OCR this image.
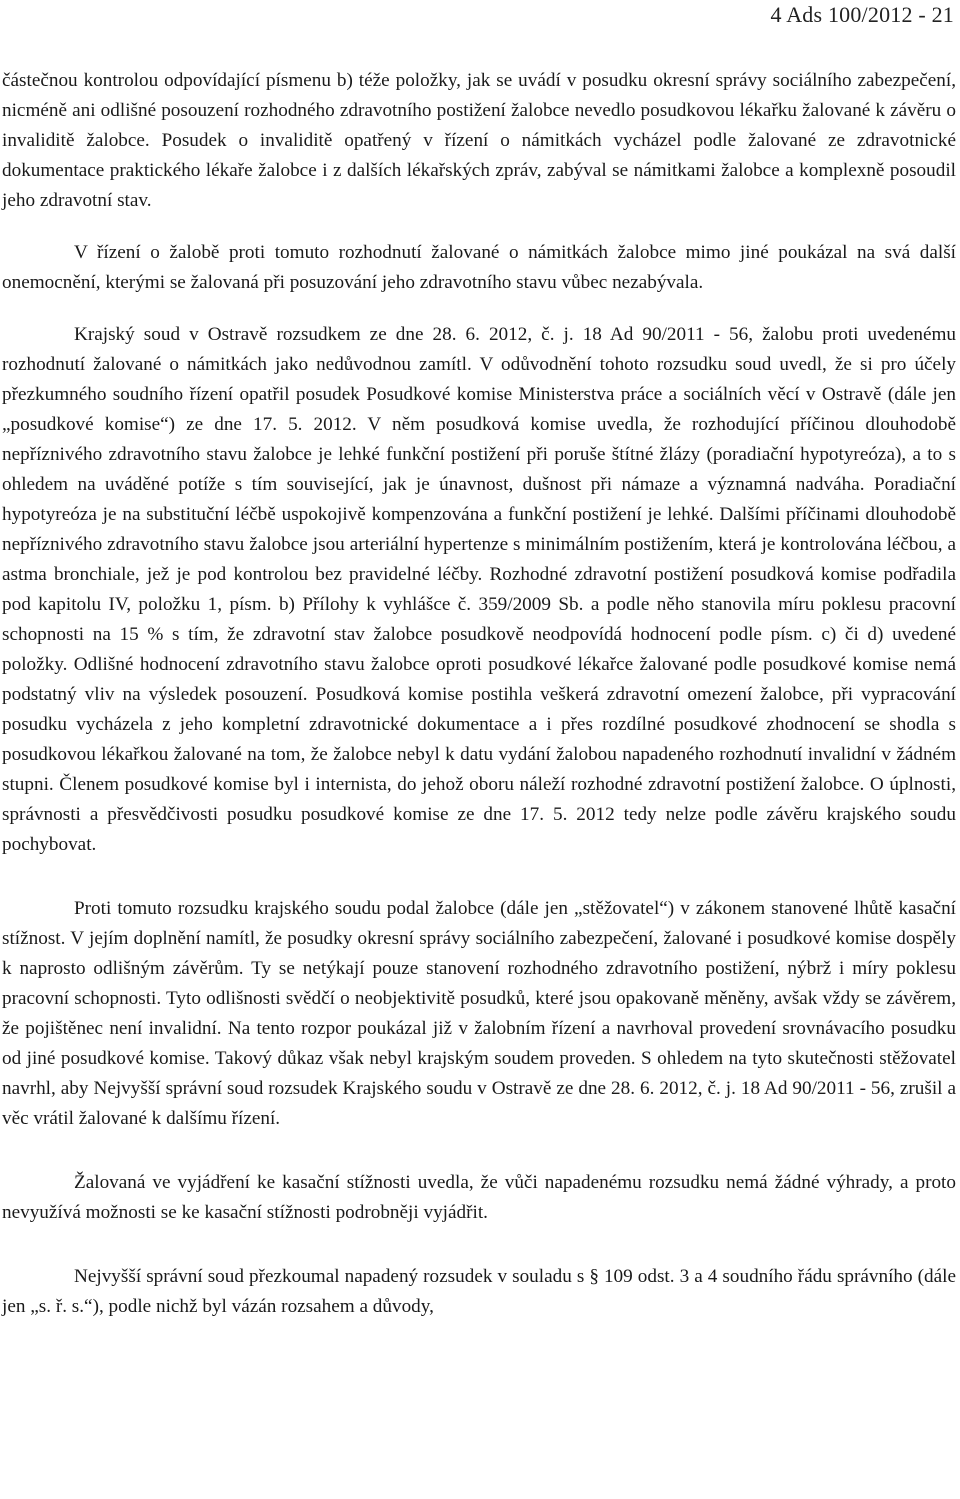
4 Ads 100/2012 - 21

částečnou kontrolou odpovídající písmenu b) téže položky, jak se uvádí v posudku okresní správy sociálního zabezpečení, nicméně ani odlišné posouzení rozhodného zdravotního postižení žalobce nevedlo posudkovou lékařku žalované k závěru o invaliditě žalobce. Posudek o invaliditě opatřený v řízení o námitkách vycházel podle žalované ze zdravotnické dokumentace praktického lékaře žalobce i z dalších lékařských zpráv, zabýval se námitkami žalobce a komplexně posoudil jeho zdravotní stav.

V řízení o žalobě proti tomuto rozhodnutí žalované o námitkách žalobce mimo jiné poukázal na svá další onemocnění, kterými se žalovaná při posuzování jeho zdravotního stavu vůbec nezabývala.

Krajský soud v Ostravě rozsudkem ze dne 28. 6. 2012, č. j. 18 Ad 90/2011 - 56, žalobu proti uvedenému rozhodnutí žalované o námitkách jako nedůvodnou zamítl. V odůvodnění tohoto rozsudku soud uvedl, že si pro účely přezkumného soudního řízení opatřil posudek Posudkové komise Ministerstva práce a sociálních věcí v Ostravě (dále jen „posudkové komise“) ze dne 17. 5. 2012. V něm posudková komise uvedla, že rozhodující příčinou dlouhodobě nepříznivého zdravotního stavu žalobce je lehké funkční postižení při poruše štítné žlázy (poradiační hypotyreóza), a to s ohledem na uváděné potíže s tím související, jak je únavnost, dušnost při námaze a významná nadváha. Poradiační hypotyreóza je na substituční léčbě uspokojivě kompenzována a funkční postižení je lehké. Dalšími příčinami dlouhodobě nepříznivého zdravotního stavu žalobce jsou arteriální hypertenze s minimálním postižením, která je kontrolována léčbou, a astma bronchiale, jež je pod kontrolou bez pravidelné léčby. Rozhodné zdravotní postižení posudková komise podřadila pod kapitolu IV, položku 1, písm. b) Přílohy k vyhlášce č. 359/2009 Sb. a podle něho stanovila míru poklesu pracovní schopnosti na 15 % s tím, že zdravotní stav žalobce posudkově neodpovídá hodnocení podle písm. c) či d) uvedené položky. Odlišné hodnocení zdravotního stavu žalobce oproti posudkové lékařce žalované podle posudkové komise nemá podstatný vliv na výsledek posouzení. Posudková komise postihla veškerá zdravotní omezení žalobce, při vypracování posudku vycházela z jeho kompletní zdravotnické dokumentace a i přes rozdílné posudkové zhodnocení se shodla s posudkovou lékařkou žalované na tom, že žalobce nebyl k datu vydání žalobou napadeného rozhodnutí invalidní v žádném stupni. Členem posudkové komise byl i internista, do jehož oboru náleží rozhodné zdravotní postižení žalobce. O úplnosti, správnosti a přesvědčivosti posudku posudkové komise ze dne 17. 5. 2012 tedy nelze podle závěru krajského soudu pochybovat.

Proti tomuto rozsudku krajského soudu podal žalobce (dále jen „stěžovatel“) v zákonem stanovené lhůtě kasační stížnost. V jejím doplnění namítl, že posudky okresní správy sociálního zabezpečení, žalované i posudkové komise dospěly k naprosto odlišným závěrům. Ty se netýkají pouze stanovení rozhodného zdravotního postižení, nýbrž i míry poklesu pracovní schopnosti. Tyto odlišnosti svědčí o neobjektivitě posudků, které jsou opakovaně měněny, avšak vždy se závěrem, že pojištěnec není invalidní. Na tento rozpor poukázal již v žalobním řízení a navrhoval provedení srovnávacího posudku od jiné posudkové komise. Takový důkaz však nebyl krajským soudem proveden. S ohledem na tyto skutečnosti stěžovatel navrhl, aby Nejvyšší správní soud rozsudek Krajského soudu v Ostravě ze dne 28. 6. 2012, č. j. 18 Ad 90/2011 - 56, zrušil a věc vrátil žalované k dalšímu řízení.

Žalovaná ve vyjádření ke kasační stížnosti uvedla, že vůči napadenému rozsudku nemá žádné výhrady, a proto nevyužívá možnosti se ke kasační stížnosti podrobněji vyjádřit.

Nejvyšší správní soud přezkoumal napadený rozsudek v souladu s § 109 odst. 3 a 4 soudního řádu správního (dále jen „s. ř. s.“), podle nichž byl vázán rozsahem a důvody,
